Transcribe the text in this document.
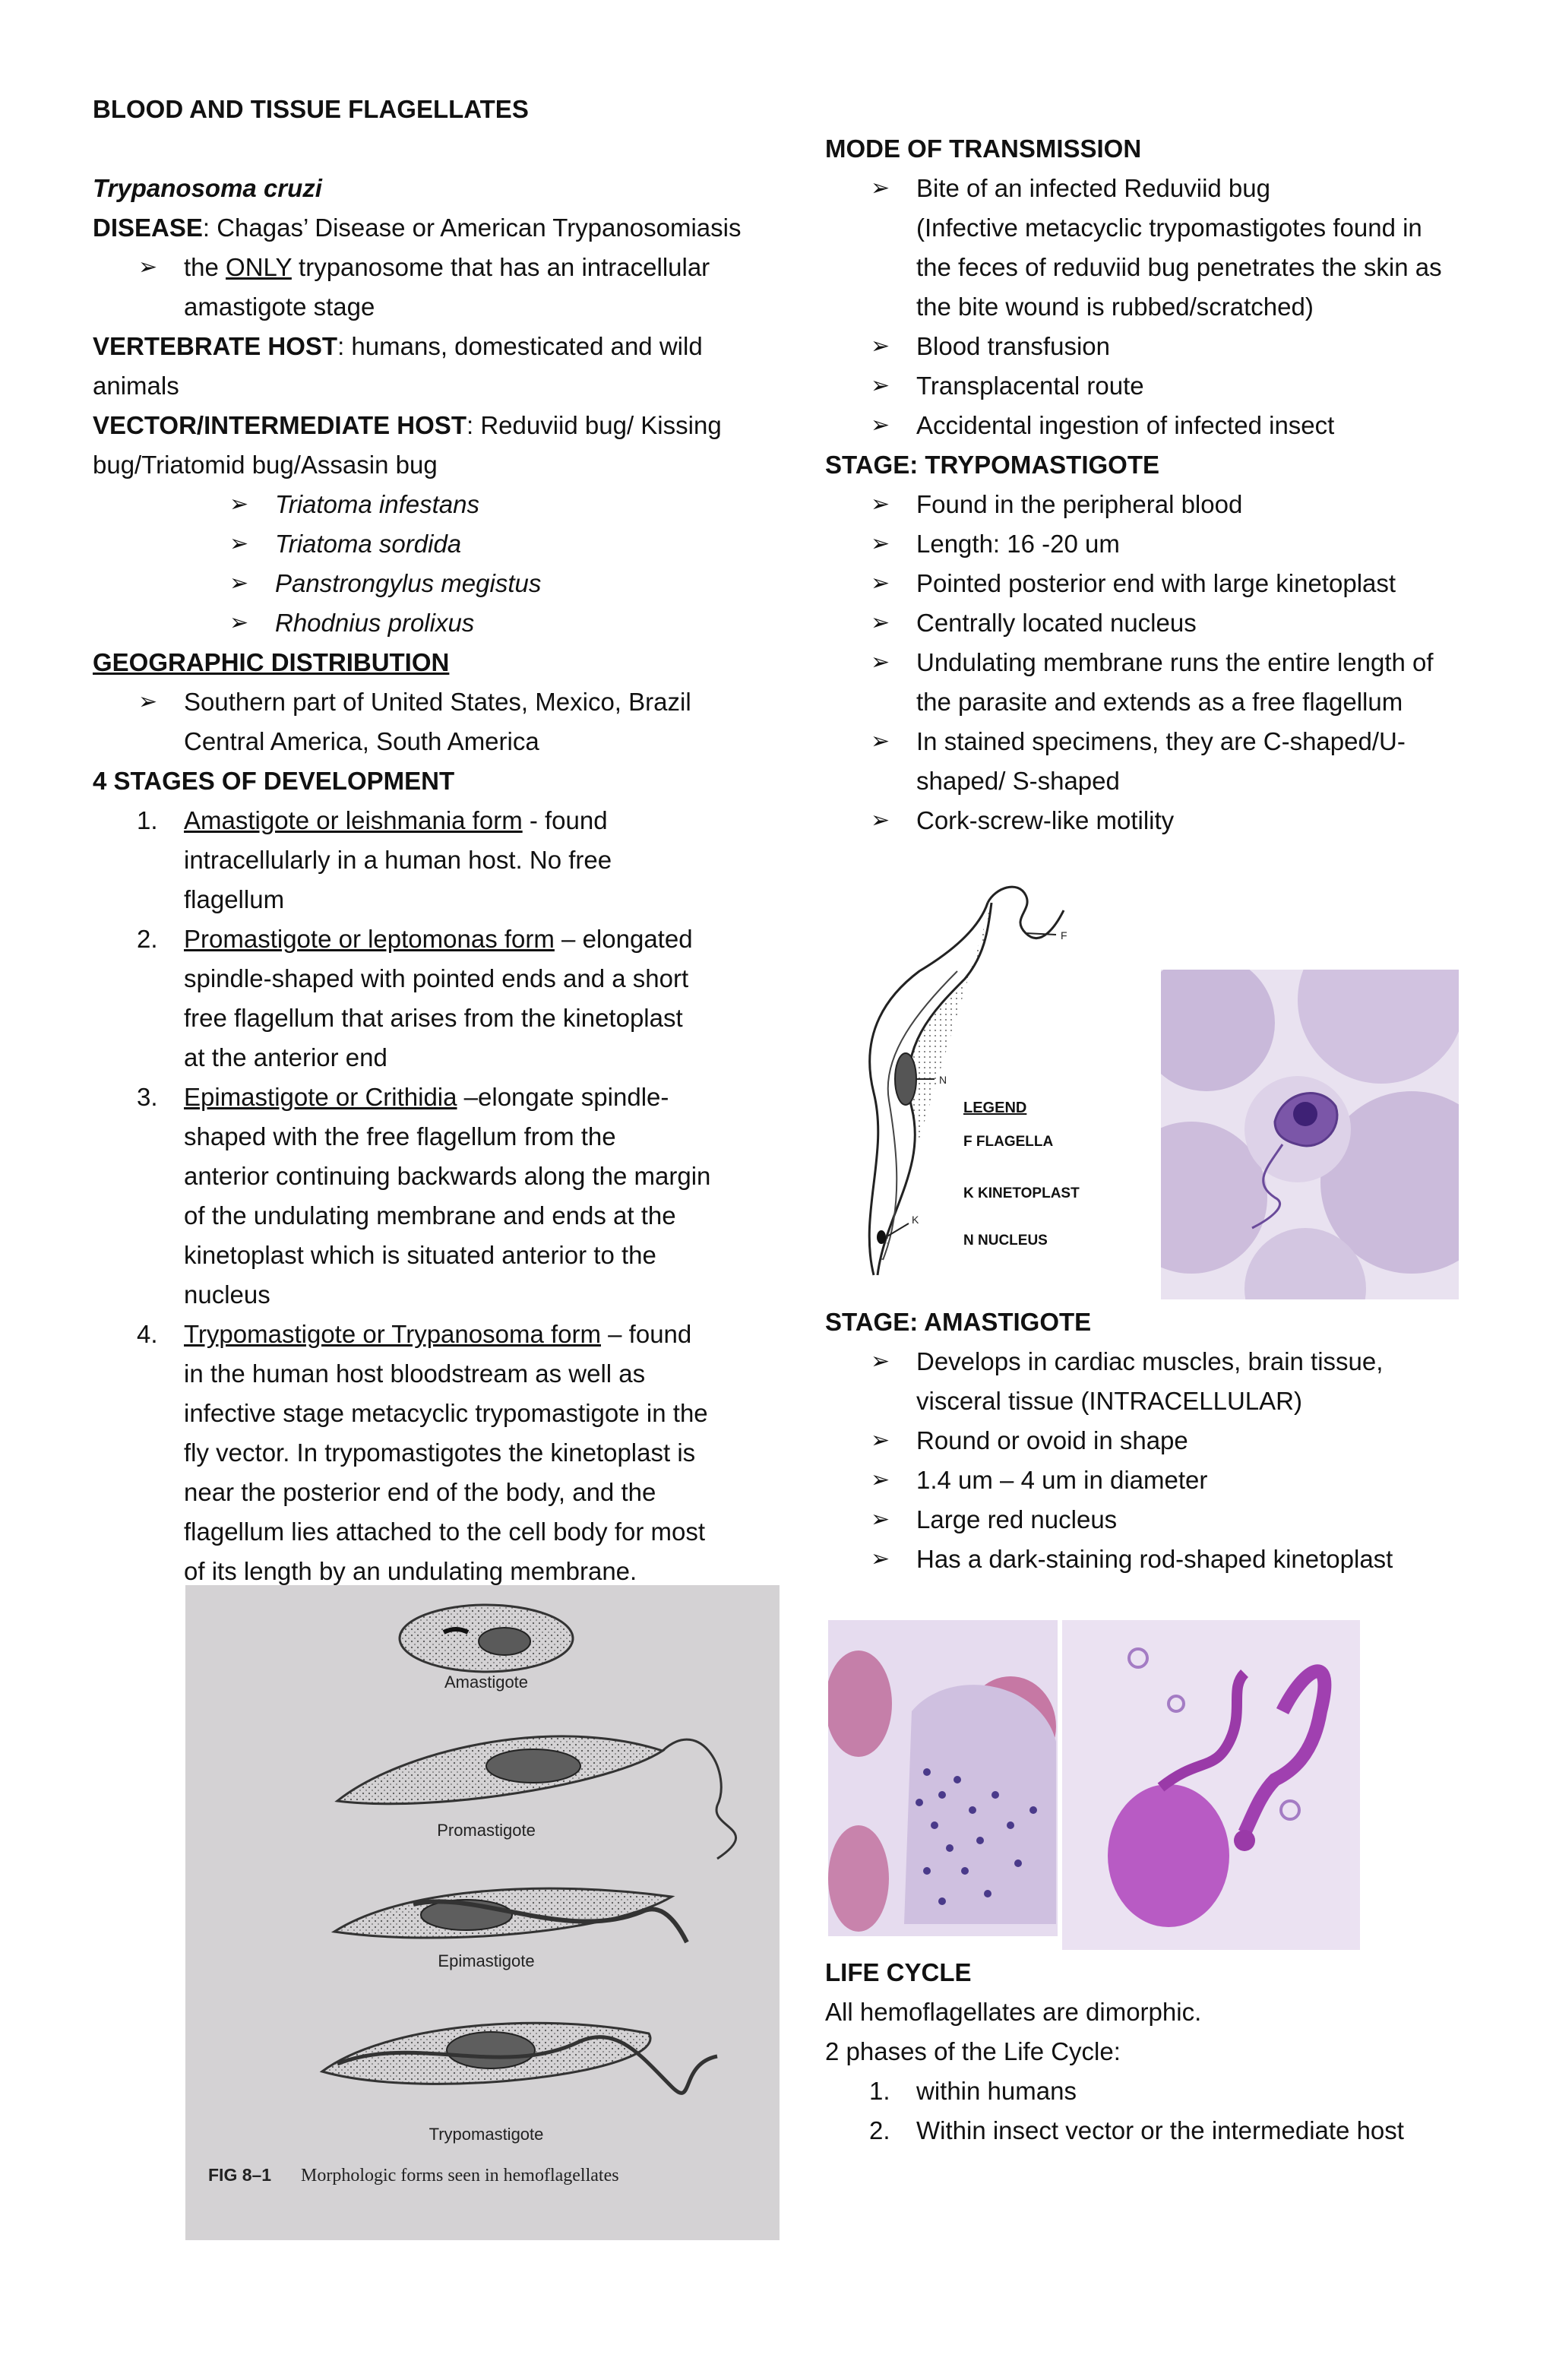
BLOOD AND TISSUE FLAGELLATES
Trypanosoma cruzi
DISEASE: Chagas’ Disease or American Trypanosomiasis
➢ the ONLY trypanosome that has an intracellular
amastigote stage
VERTEBRATE HOST: humans, domesticated and wild
animals
VECTOR/INTERMEDIATE HOST: Reduviid bug/ Kissing
bug/Triatomid bug/Assasin bug
➢ Triatoma infestans
➢ Triatoma sordida
➢ Panstrongylus megistus
➢ Rhodnius prolixus
GEOGRAPHIC DISTRIBUTION
➢ Southern part of United States, Mexico, Brazil
Central America, South America
4 STAGES OF DEVELOPMENT
1. Amastigote or leishmania form - found
intracellularly in a human host. No free
flagellum
2. Promastigote or leptomonas form – elongated
spindle-shaped with pointed ends and a short
free flagellum that arises from the kinetoplast
at the anterior end
3. Epimastigote or Crithidia –elongate spindle-
shaped with the free flagellum from the
anterior continuing backwards along the margin
of the undulating membrane and ends at the
kinetoplast which is situated anterior to the
nucleus
4. Trypomastigote or Trypanosoma form – found
in the human host bloodstream as well as
infective stage metacyclic trypomastigote in the
fly vector. In trypomastigotes the kinetoplast is
near the posterior end of the body, and the
flagellum lies attached to the cell body for most
of its length by an undulating membrane.
Amastigote
Promastigote
Epimastigote
Trypomastigote
FIG 8–1 Morphologic forms seen in hemoflagellates
MODE OF TRANSMISSION
➢ Bite of an infected Reduviid bug
(Infective metacyclic trypomastigotes found in
the feces of reduviid bug penetrates the skin as
the bite wound is rubbed/scratched)
➢ Blood transfusion
➢ Transplacental route
➢ Accidental ingestion of infected insect
STAGE: TRYPOMASTIGOTE
➢ Found in the peripheral blood
➢ Length: 16 -20 um
➢ Pointed posterior end with large kinetoplast
➢ Centrally located nucleus
➢ Undulating membrane runs the entire length of
the parasite and extends as a free flagellum
➢ In stained specimens, they are C-shaped/U-
shaped/ S-shaped
➢ Cork-screw-like motility
STAGE: AMASTIGOTE
➢ Develops in cardiac muscles, brain tissue,
visceral tissue (INTRACELLULAR)
➢ Round or ovoid in shape
➢ 1.4 um – 4 um in diameter
➢ Large red nucleus
➢ Has a dark-staining rod-shaped kinetoplast
LIFE CYCLE
All hemoflagellates are dimorphic.
2 phases of the Life Cycle:
1. within humans
2. Within insect vector or the intermediate host
F
N
K
LEGEND
F FLAGELLA
K KINETOPLAST
N NUCLEUS
